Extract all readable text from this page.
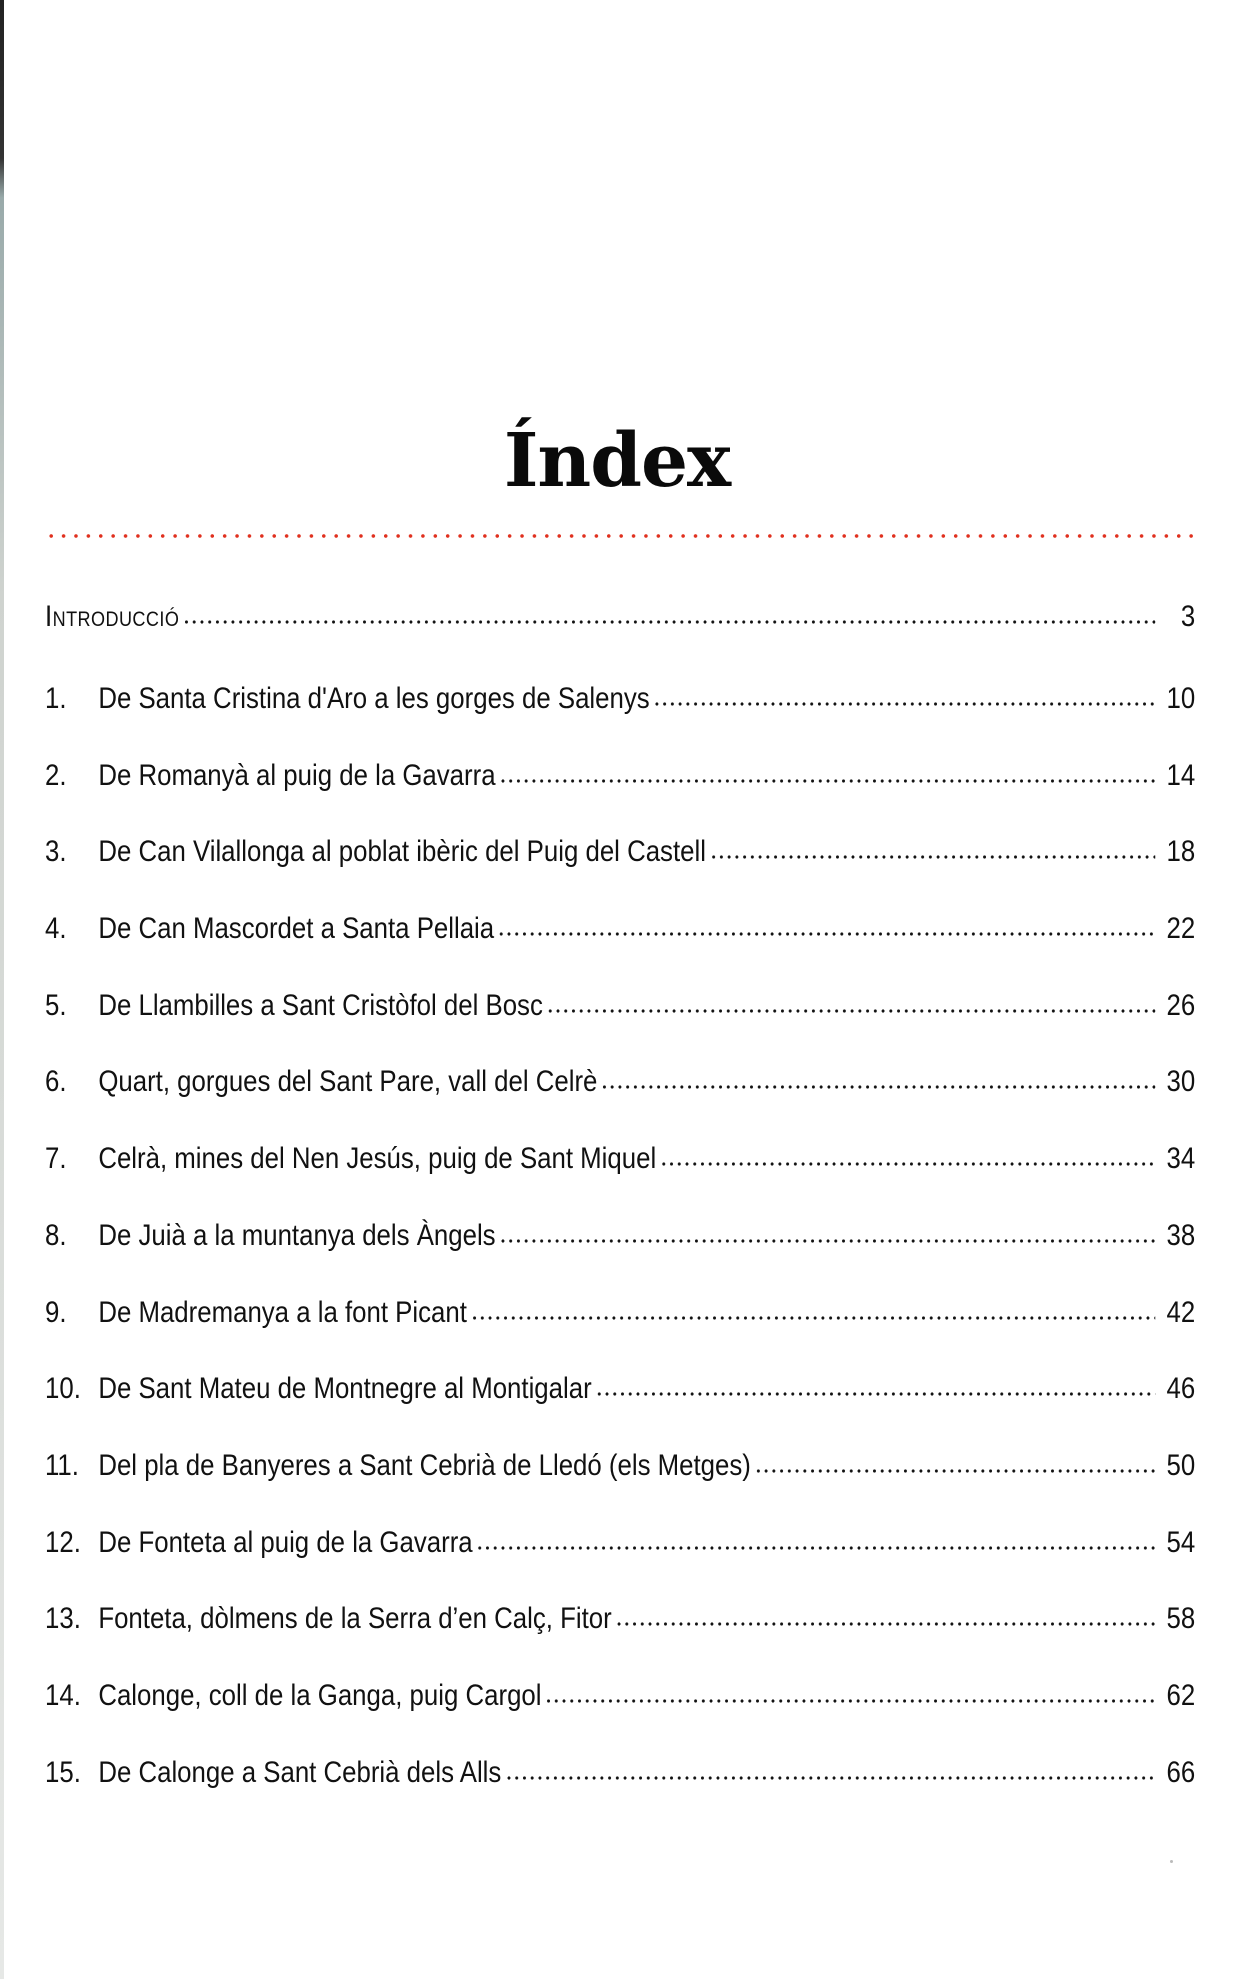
Índex
Introducció	3
1.	De Santa Cristina d'Aro a les gorges de Salenys	10
2.	De Romanyà al puig de la Gavarra	14
3.	De Can Vilallonga al poblat ibèric del Puig del Castell	18
4.	De Can Mascordet a Santa Pellaia	22
5.	De Llambilles a Sant Cristòfol del Bosc	26
6.	Quart, gorgues del Sant Pare, vall del Celrè	30
7.	Celrà, mines del Nen Jesús, puig de Sant Miquel	34
8.	De Juià a la muntanya dels Àngels	38
9.	De Madremanya a la font Picant	42
10. De Sant Mateu de Montnegre al Montigalar	46
11. Del pla de Banyeres a Sant Cebrià de Lledó (els Metges)	50
12. De Fonteta al puig de la Gavarra	54
13. Fonteta, dòlmens de la Serra d’en Calç, Fitor	58
14. Calonge, coll de la Ganga, puig Cargol	62
15. De Calonge a Sant Cebrià dels Alls	66
